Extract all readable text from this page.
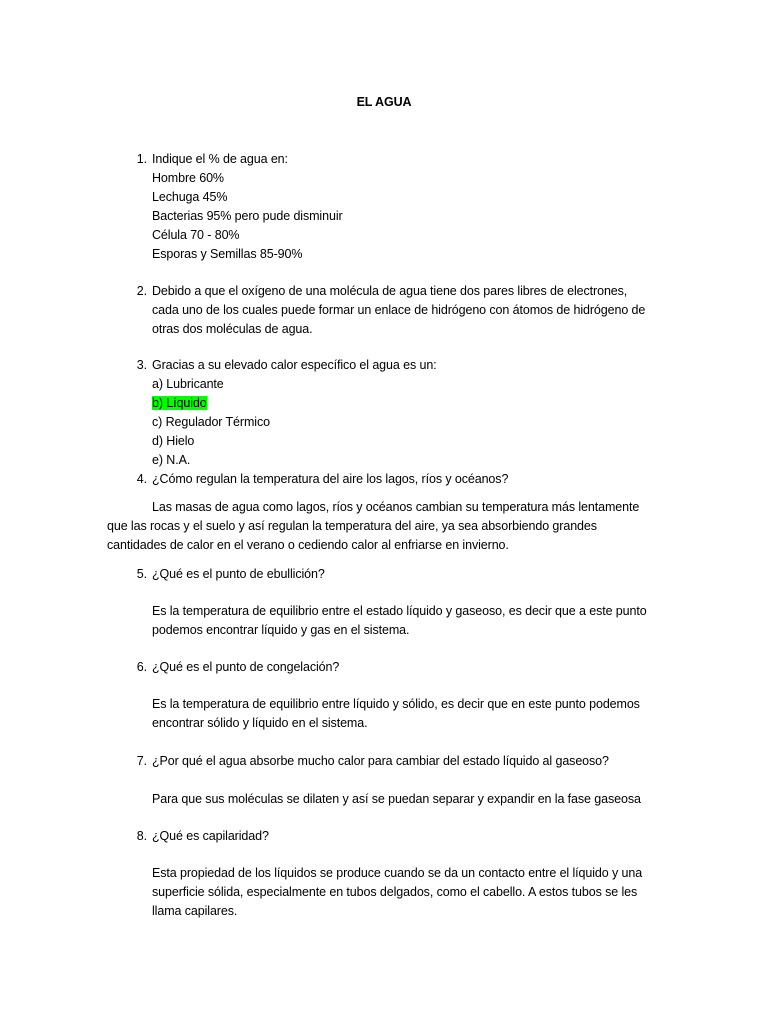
EL AGUA
1. Indique el % de agua en:
Hombre 60%
Lechuga 45%
Bacterias 95% pero pude disminuir
Célula 70 - 80%
Esporas y Semillas 85-90%
2. Debido a que el oxígeno de una molécula de agua tiene dos pares libres de electrones,
cada uno de los cuales puede formar un enlace de hidrógeno con átomos de hidrógeno de
otras dos moléculas de agua.
3. Gracias a su elevado calor específico el agua es un:
a) Lubricante
b) Líquido
c) Regulador Térmico
d) Hielo
e) N.A.
4. ¿Cómo regulan la temperatura del aire los lagos, ríos y océanos?
Las masas de agua como lagos, ríos y océanos cambian su temperatura más lentamente
que las rocas y el suelo y así regulan la temperatura del aire, ya sea absorbiendo grandes
cantidades de calor en el verano o cediendo calor al enfriarse en invierno.
5. ¿Qué es el punto de ebullición?
Es la temperatura de equilibrio entre el estado líquido y gaseoso, es decir que a este punto
podemos encontrar líquido y gas en el sistema.
6. ¿Qué es el punto de congelación?
Es la temperatura de equilibrio entre líquido y sólido, es decir que en este punto podemos
encontrar sólido y líquido en el sistema.
7. ¿Por qué el agua absorbe mucho calor para cambiar del estado líquido al gaseoso?
Para que sus moléculas se dilaten y así se puedan separar y expandir en la fase gaseosa
8. ¿Qué es capilaridad?
Esta propiedad de los líquidos se produce cuando se da un contacto entre el líquido y una
superficie sólida, especialmente en tubos delgados, como el cabello. A estos tubos se les
llama capilares.
